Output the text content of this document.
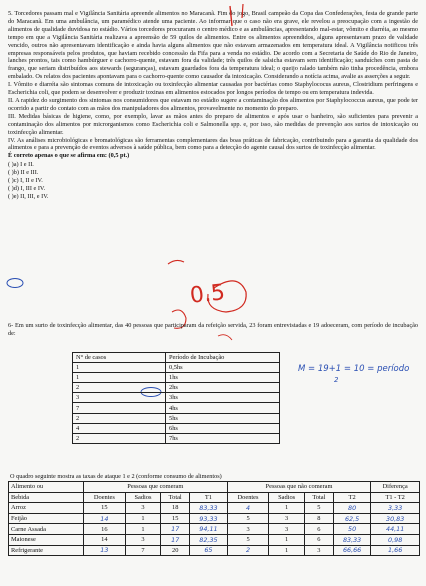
5. Torcedores passam mal e Vigilância Sanitária apreende alimentos no Maracanã. Fim do jogo, Brasil campeão da Copa das Confederações, festa de grande parte do Maracanã. Em uma ambulância, um paramédico atende uma paciente. Ao informar que o caso não era grave, ele revelou a preocupação com a ingestão de alimentos de qualidade duvidosa no estádio. Vários torcedores procuraram o centro médico e as ambulâncias, apresentando mal-estar, vômito e diarréia, ao mesmo tempo em que a Vigilância Sanitária realizava a apreensão de 59 quilos de alimentos. Entre os alimentos apreendidos, alguns apresentavam prazo de validade vencido, outros não apresentavam identificação e ainda havia alguns alimentos que não estavam armazenados em temperatura ideal. A Vigilância notificou três empresas responsáveis pelos produtos, que haviam recebido concessão da Fifa para a venda no estádio. De acordo com a Secretaria de Saúde do Rio de Janeiro, lanches prontos, tais como hambúrguer e cachorro-quente, estavam fora da validade; três quilos de salsicha estavam sem identificação; sanduíches com pasta de frango, que seriam distribuídos aos stewards (seguranças), estavam guardados fora da temperatura ideal; o queijo ralado também não tinha procedência, embora embalado. Os relatos dos pacientes apontavam para o cachorro-quente como causador da intoxicação. Considerando a notícia acima, avalie as asserções a seguir.

I. Vômito e diarréia são sintomas comuns de intoxicação ou toxinfecção alimentar causadas por bactérias como Staphylococus aureus, Clostridium perfringens e Escherichia coli, que podem se desenvolver e produzir toxinas em alimentos estocados por longos períodos de tempo ou em temperatura indevida.

II. A rapidez do surgimento dos sintomas nos consumidores que estavam no estádio sugere a contaminação dos alimentos por Staphylococcus aureus, que pode ter ocorrido a partir do contato com as mãos dos manipuladores dos alimentos, provavelmente no momento do preparo.

III. Medidas básicas de higiene, como, por exemplo, lavar as mãos antes do preparo de alimentos e após usar o banheiro, são suficientes para prevenir a contaminação dos alimentos por microrganismos como Escherichia coli e Salmonella spp. e, por isso, são medidas de prevenção aos surtos de intoxicação ou toxinfecção alimentar.

IV. As análises microbiológicas e bromatológicas são ferramentas complementares das boas práticas de fabricação, contribuindo para a garantia da qualidade dos alimentos e para a prevenção de eventos adversos à saúde pública, bem como para a detecção do agente causal dos surtos de toxinfecção alimentar.

É correto apenas o que se afirma em: (0,5 pt.)

( )a) I e II.
( )b) II e III.
( )c) I, II e IV.
( )d) I, III e IV.
( )e) II, III, e IV.
0.5

6- Em um surto de toxinfecção alimentar, das 40 pessoas que participaram da refeição servida, 23 foram entrevistadas e 19 adoeceram, com período de incubação de:

N° de casos	Período de Incubação
1	0,5hs
1	1hs
2	2hs
3	3hs
7	4hs
2	5hs
4	6hs
2	7hs
M = 19+1 = 10 = período
2
O quadro seguinte mostra as taxas de ataque 1 e 2 (conforme consumo de alimentos)
Alimento ou	Pessoas que comeram				Pessoas que não comeram				Diferença
Bebida	Doentes	Sadios	Total	T1	Doentes	Sadios	Total	T2	T1 - T2
Arroz	15	3	18	83,33	4	1	5	80	3,33
Feijão	14	1	15	93,33	5	3	8	62,5	30,83
Carne Assada	16	1	17	94,11	3	3	6	50	44,11
Maionese	14	3	17	82,35	5	1	6	83,33	0,98
Refrigerante	13	7	20	65	2	1	3	66,66	1,66
